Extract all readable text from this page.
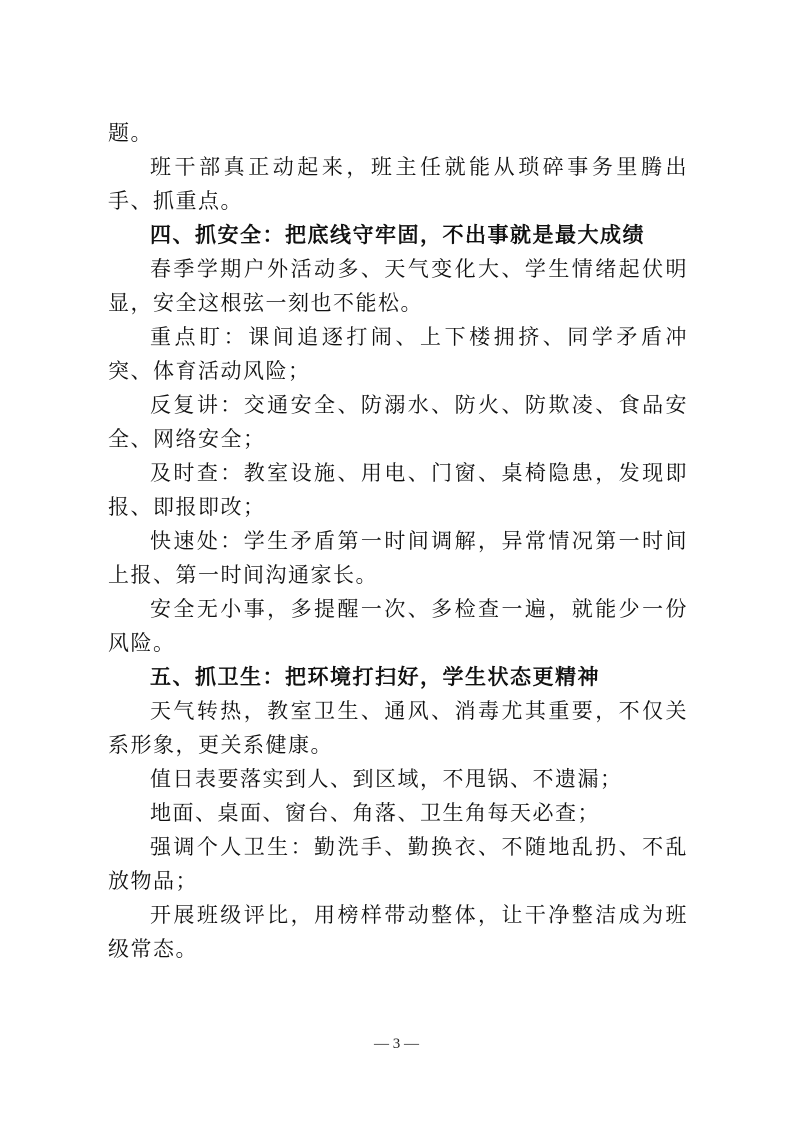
题。

班干部真正动起来，班主任就能从琐碎事务里腾出手、抓重点。

四、抓安全：把底线守牢固，不出事就是最大成绩

春季学期户外活动多、天气变化大、学生情绪起伏明显，安全这根弦一刻也不能松。

重点盯：课间追逐打闹、上下楼拥挤、同学矛盾冲突、体育活动风险；

反复讲：交通安全、防溺水、防火、防欺凌、食品安全、网络安全；

及时查：教室设施、用电、门窗、桌椅隐患，发现即报、即报即改；

快速处：学生矛盾第一时间调解，异常情况第一时间上报、第一时间沟通家长。

安全无小事，多提醒一次、多检查一遍，就能少一份风险。

五、抓卫生：把环境打扫好，学生状态更精神

天气转热，教室卫生、通风、消毒尤其重要，不仅关系形象，更关系健康。

值日表要落实到人、到区域，不甩锅、不遗漏；

地面、桌面、窗台、角落、卫生角每天必查；

强调个人卫生：勤洗手、勤换衣、不随地乱扔、不乱放物品；

开展班级评比，用榜样带动整体，让干净整洁成为班级常态。

— 3 —
